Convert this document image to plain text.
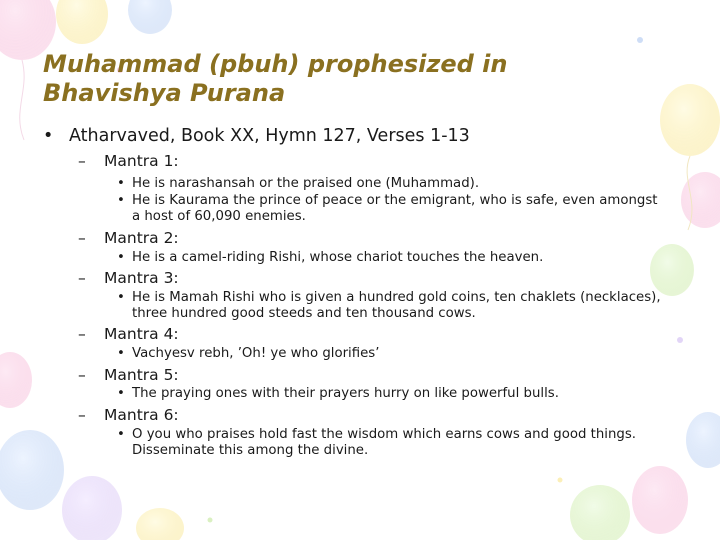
Muhammad (pbuh) prophesized in
Bhavishya Purana

• Atharvaved, Book XX, Hymn 127, Verses 1-13

– Mantra 1:

• He is narashansah or the praised one (Muhammad).

• He is Kaurama the prince of peace or the emigrant, who is safe, even amongst a host of 60,090 enemies.

– Mantra 2:

• He is a camel-riding Rishi, whose chariot touches the heaven.

– Mantra 3:

• He is Mamah Rishi who is given a hundred gold coins, ten chaklets (necklaces), three hundred good steeds and ten thousand cows.

– Mantra 4:

• Vachyesv rebh, ’Oh! ye who glorifies’

– Mantra 5:

• The praying ones with their prayers hurry on like powerful bulls.

– Mantra 6:

• O you who praises hold fast the wisdom which earns cows and good things. Disseminate this among the divine.
